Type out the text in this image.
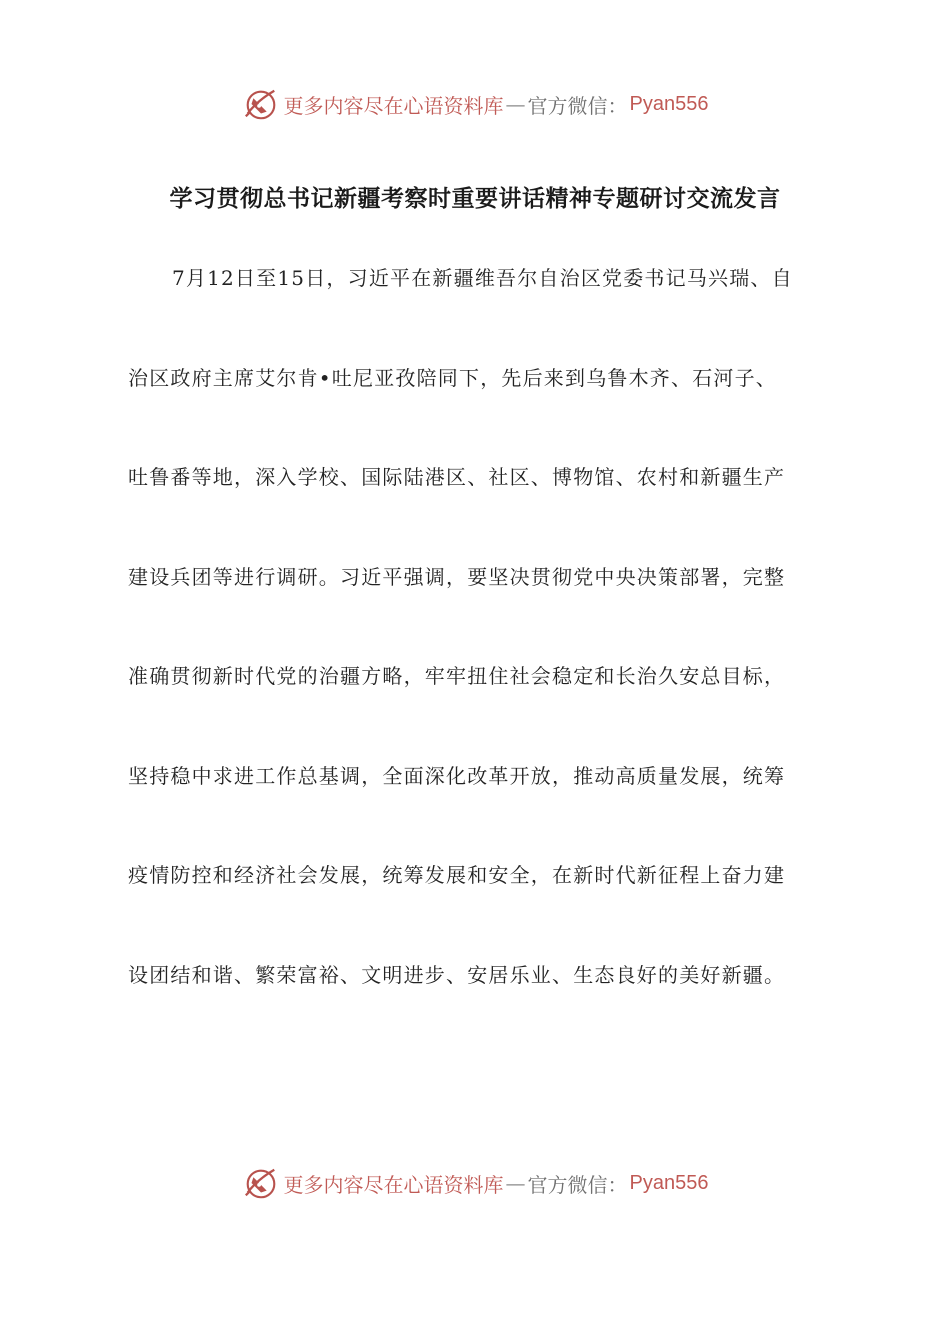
更多内容尽在心语资料库 — 官方微信： Pyan556
学习贯彻总书记新疆考察时重要讲话精神专题研讨交流发言
7月12日至15日，习近平在新疆维吾尔自治区党委书记马兴瑞、自
治区政府主席艾尔肯•吐尼亚孜陪同下，先后来到乌鲁木齐、石河子、
吐鲁番等地，深入学校、国际陆港区、社区、博物馆、农村和新疆生产
建设兵团等进行调研。习近平强调，要坚决贯彻党中央决策部署，完整
准确贯彻新时代党的治疆方略，牢牢扭住社会稳定和长治久安总目标，
坚持稳中求进工作总基调，全面深化改革开放，推动高质量发展，统筹
疫情防控和经济社会发展，统筹发展和安全，在新时代新征程上奋力建
设团结和谐、繁荣富裕、文明进步、安居乐业、生态良好的美好新疆。
更多内容尽在心语资料库 — 官方微信： Pyan556
